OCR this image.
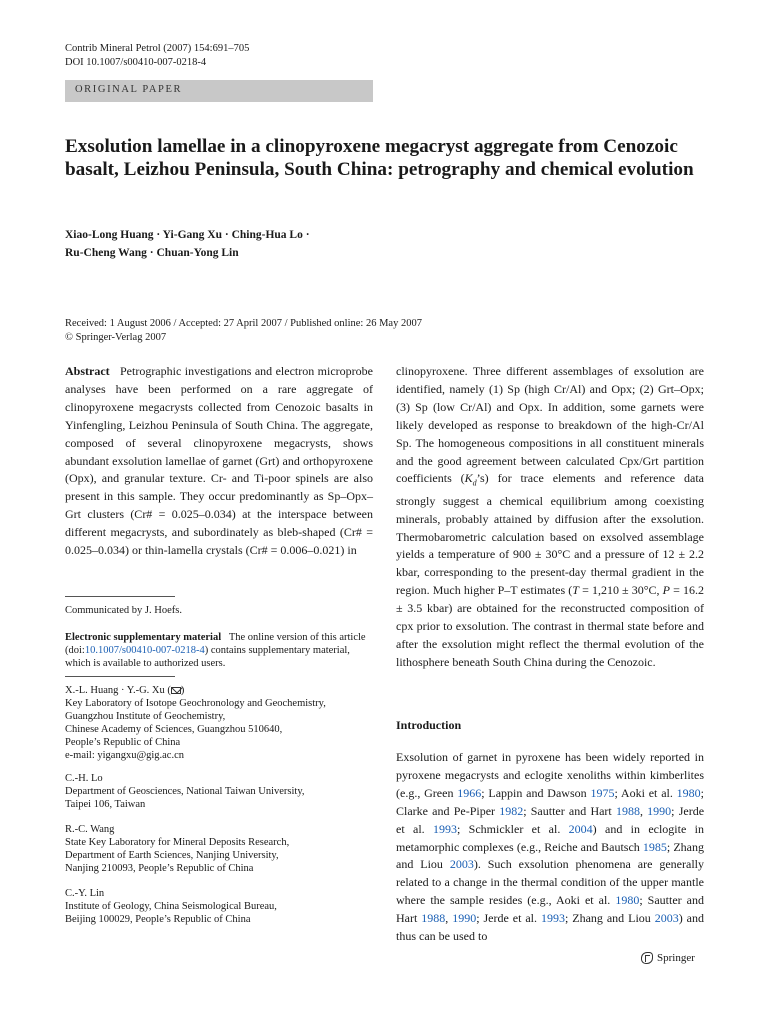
Contrib Mineral Petrol (2007) 154:691–705
DOI 10.1007/s00410-007-0218-4
ORIGINAL PAPER
Exsolution lamellae in a clinopyroxene megacryst aggregate from Cenozoic basalt, Leizhou Peninsula, South China: petrography and chemical evolution
Xiao-Long Huang · Yi-Gang Xu · Ching-Hua Lo ·
Ru-Cheng Wang · Chuan-Yong Lin
Received: 1 August 2006 / Accepted: 27 April 2007 / Published online: 26 May 2007
© Springer-Verlag 2007
Abstract Petrographic investigations and electron microprobe analyses have been performed on a rare aggregate of clinopyroxene megacrysts collected from Cenozoic basalts in Yinfengling, Leizhou Peninsula of South China. The aggregate, composed of several clinopyroxene megacrysts, shows abundant exsolution lamellae of garnet (Grt) and orthopyroxene (Opx), and granular texture. Cr- and Ti-poor spinels are also present in this sample. They occur predominantly as Sp–Opx–Grt clusters (Cr# = 0.025–0.034) at the interspace between different megacrysts, and subordinately as bleb-shaped (Cr# = 0.025–0.034) or thin-lamella crystals (Cr# = 0.006–0.021) in
Communicated by J. Hoefs.
Electronic supplementary material The online version of this article (doi:10.1007/s00410-007-0218-4) contains supplementary material, which is available to authorized users.
X.-L. Huang · Y.-G. Xu ( )
Key Laboratory of Isotope Geochronology and Geochemistry,
Guangzhou Institute of Geochemistry,
Chinese Academy of Sciences, Guangzhou 510640,
People’s Republic of China
e-mail: yigangxu@gig.ac.cn
C.-H. Lo
Department of Geosciences, National Taiwan University,
Taipei 106, Taiwan
R.-C. Wang
State Key Laboratory for Mineral Deposits Research,
Department of Earth Sciences, Nanjing University,
Nanjing 210093, People’s Republic of China
C.-Y. Lin
Institute of Geology, China Seismological Bureau,
Beijing 100029, People’s Republic of China
clinopyroxene. Three different assemblages of exsolution are identified, namely (1) Sp (high Cr/Al) and Opx; (2) Grt–Opx; (3) Sp (low Cr/Al) and Opx. In addition, some garnets were likely developed as response to breakdown of the high-Cr/Al Sp. The homogeneous compositions in all constituent minerals and the good agreement between calculated Cpx/Grt partition coefficients $(K_d’s)$ for trace elements and reference data strongly suggest a chemical equilibrium among coexisting minerals, probably attained by diffusion after the exsolution. Thermobarometric calculation based on exsolved assemblage yields a temperature of 900 ± 30°C and a pressure of 12 ± 2.2 kbar, corresponding to the present-day thermal gradient in the region. Much higher P–T estimates (T = 1,210 ± 30°C, P = 16.2 ± 3.5 kbar) are obtained for the reconstructed composition of cpx prior to exsolution. The contrast in thermal state before and after the exsolution might reflect the thermal evolution of the lithosphere beneath South China during the Cenozoic.
Introduction
Exsolution of garnet in pyroxene has been widely reported in pyroxene megacrysts and eclogite xenoliths within kimberlites (e.g., Green 1966; Lappin and Dawson 1975; Aoki et al. 1980; Clarke and Pe-Piper 1982; Sautter and Hart 1988, 1990; Jerde et al. 1993; Schmickler et al. 2004) and in eclogite in metamorphic complexes (e.g., Reiche and Bautsch 1985; Zhang and Liou 2003). Such exsolution phenomena are generally related to a change in the thermal condition of the upper mantle where the sample resides (e.g., Aoki et al. 1980; Sautter and Hart 1988, 1990; Jerde et al. 1993; Zhang and Liou 2003) and thus can be used to
Springer
